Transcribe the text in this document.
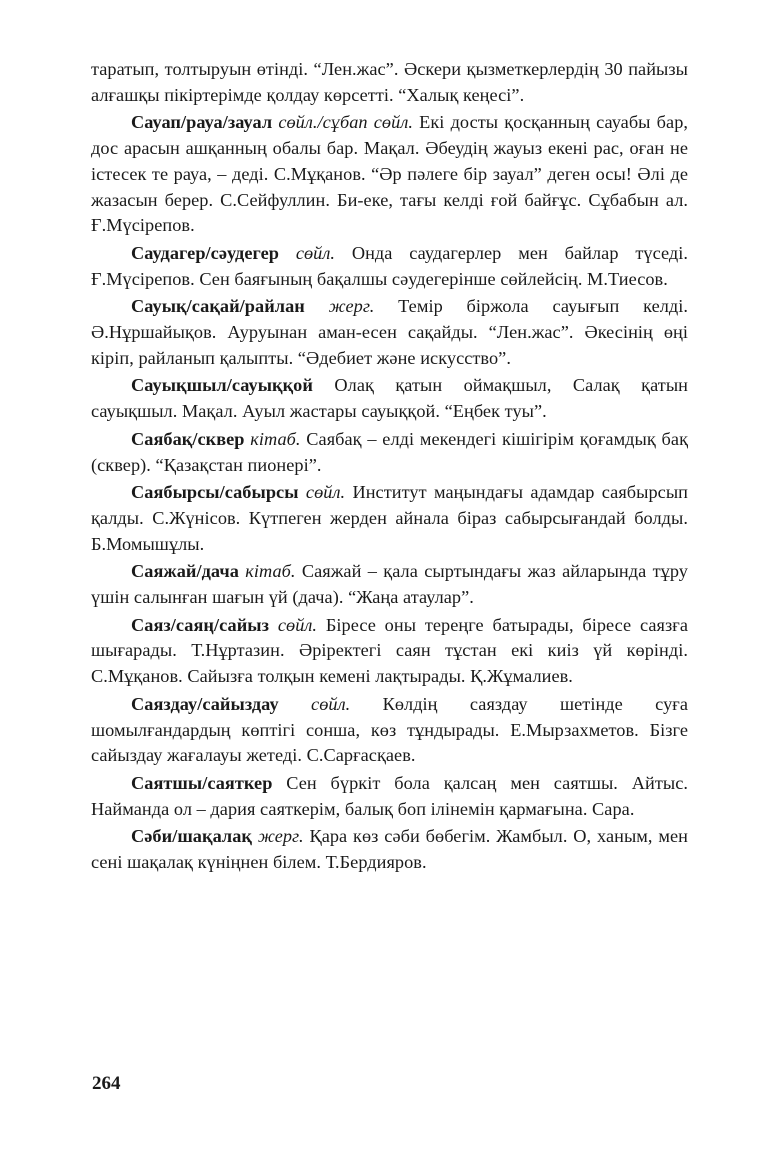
таратып, толтыруын өтінді. “Лен.жас”. Әскери қызметкерлердің 30 пайызы алғашқы пікіртерімде қолдау көрсетті. “Халық кеңесі”.

Сауап/рауа/зауал сөйл./сұбап сөйл. Екі досты қосқанның сауабы бар, дос арасын ашқанның обалы бар. Мақал. Әбеудің жауыз екені рас, оған не істесек те рауа, – деді. С.Мұқанов. “Әр пәлеге бір зауал” деген осы! Әлі де жазасын берер. С.Сейфуллин. Би-еке, тағы келді ғой байғұс. Сұбабын ал. Ғ.Мүсірепов.

Саудагер/сәудегер сөйл. Онда саудагерлер мен байлар түседі. Ғ.Мүсірепов. Сен баяғының бақалшы сәудегерінше сөйлейсің. М.Тиесов.

Сауық/сақай/райлан жерг. Темір біржола сауығып келді. Ә.Нұршайықов. Ауруынан аман-есен сақайды. “Лен.жас”. Әкесінің өңі кіріп, райланып қалыпты. “Әдебиет және искусство”.

Сауықшыл/сауыққой Олақ қатын оймақшыл, Салақ қатын сауықшыл. Мақал. Ауыл жастары сауыққой. “Еңбек туы”.

Саябақ/сквер кітаб. Саябақ – елді мекендегі кішігірім қоғамдық бақ (сквер). “Қазақстан пионері”.

Саябырсы/сабырсы сөйл. Институт маңындағы адамдар саябырсып қалды. С.Жүнісов. Күтпеген жерден айнала біраз сабырсығандай болды. Б.Момышұлы.

Саяжай/дача кітаб. Саяжай – қала сыртындағы жаз айларында тұру үшін салынған шағын үй (дача). “Жаңа атаулар”.

Саяз/саяң/сайыз сөйл. Біресе оны тереңге батырады, біресе саязға шығарады. Т.Нұртазин. Әріректегі саян тұстан екі киіз үй көрінді. С.Мұқанов. Сайызға толқын кемені лақтырады. Қ.Жұмалиев.

Саяздау/сайыздау сөйл. Көлдің саяздау шетінде суға шомылғандардың көптігі сонша, көз тұндырады. Е.Мырзахметов. Бізге сайыздау жағалауы жетеді. С.Сарғасқаев.

Саятшы/саяткер Сен бүркіт бола қалсаң мен саятшы. Айтыс. Найманда ол – дария саяткерім, балық боп ілінемін қармағына. Сара.

Сәби/шақалақ жерг. Қара көз сәби бөбегім. Жамбыл. О, ханым, мен сені шақалақ күніңнен білем. Т.Бердияров.

264
